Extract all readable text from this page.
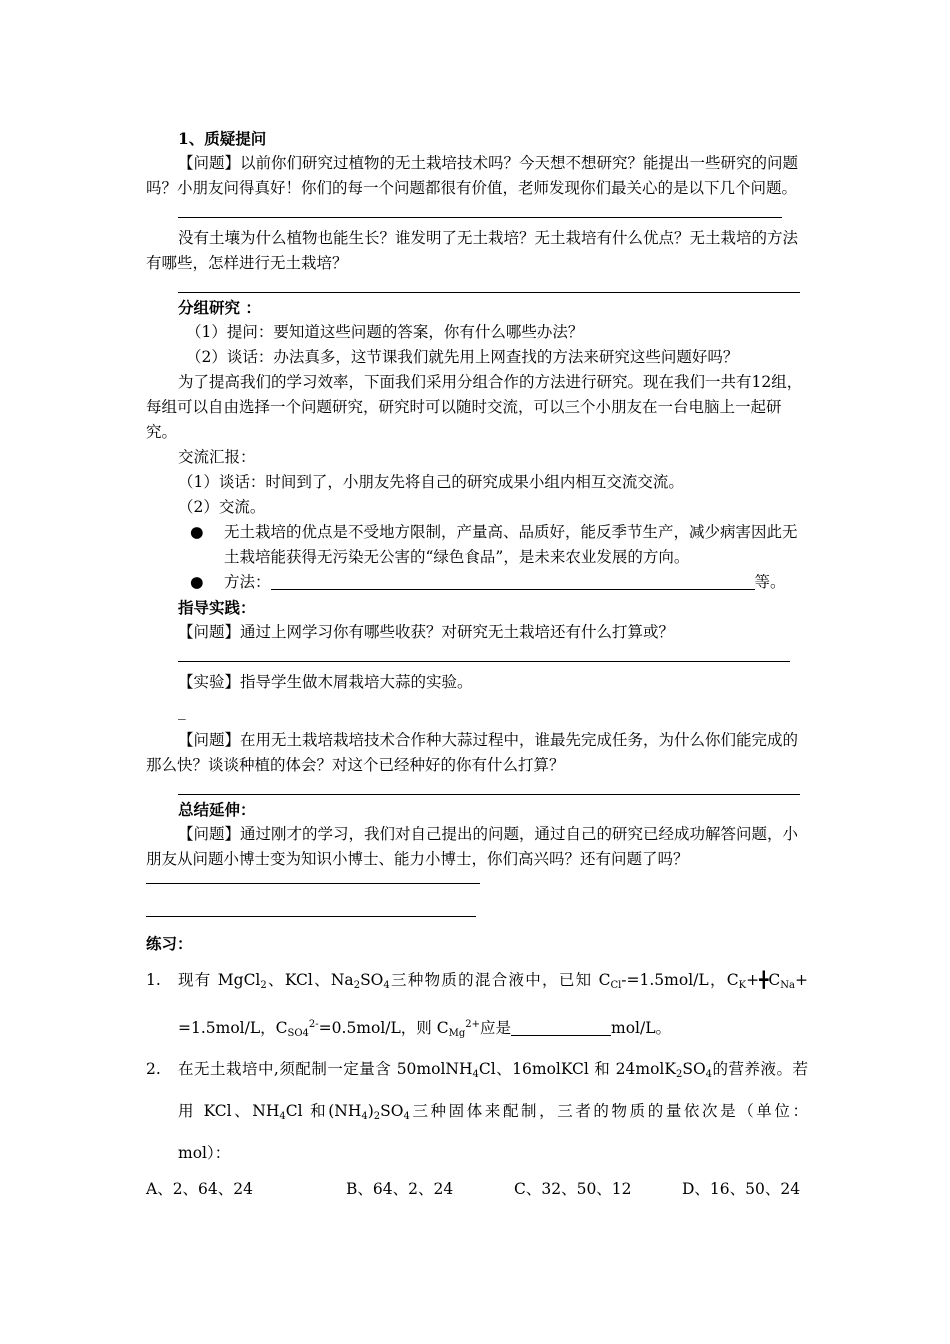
1、质疑提问

【问题】以前你们研究过植物的无土栽培技术吗？今天想不想研究？能提出一些研究的问题吗？小朋友问得真好！你们的每一个问题都很有价值，老师发现你们最关心的是以下几个问题。

没有土壤为什么植物也能生长？谁发明了无土栽培？无土栽培有什么优点？无土栽培的方法有哪些，怎样进行无土栽培？

分组研究 ：

（1）提问：要知道这些问题的答案，你有什么哪些办法？

（2）谈话：办法真多，这节课我们就先用上网查找的方法来研究这些问题好吗？

为了提高我们的学习效率，下面我们采用分组合作的方法进行研究。现在我们一共有12组，每组可以自由选择一个问题研究，研究时可以随时交流，可以三个小朋友在一台电脑上一起研究。

交流汇报：

（1）谈话：时间到了，小朋友先将自己的研究成果小组内相互交流交流。

（2）交流。

●	无土栽培的优点是不受地方限制，产量高、品质好，能反季节生产，减少病害因此无土栽培能获得无污染无公害的“绿色食品”，是未来农业发展的方向。
●	方法：	等。

指导实践：

【问题】通过上网学习你有哪些收获？对研究无土栽培还有什么打算或？

【实验】指导学生做木屑栽培大蒜的实验。

_

【问题】在用无土栽培栽培技术合作种大蒜过程中，谁最先完成任务，为什么你们能完成的那么快？谈谈种植的体会？对这个已经种好的你有什么打算？

总结延伸：

【问题】通过刚才的学习，我们对自己提出的问题，通过自己的研究已经成功解答问题，小朋友从问题小博士变为知识小博士、能力小博士，你们高兴吗？还有问题了吗？

练习：

1.	现有 MgCl$_2$、KCl、$Na_2SO_4$三种物质的混合液中，已知 $C_{Cl}-=1.5mol/L$，$C_K+╋C_{Na}+$
=1.5mol/L，$C_{SO4}^{2-}=0.5mol/L$，则 $C_{Mg}^{2+}$应是	mol/L。
2.	在无土栽培中,须配制一定量含 50molNH$_4$Cl、16molKCl 和 $24molK_2SO_4$的营养液。若
用 KCl、$NH_4Cl$ 和$(NH_4)_2SO_4$三种固体来配制，三者的物质的量依次是（单位：
mol）：
A、2、64、24	B、64、2、24	C、32、50、12	D、16、50、24
